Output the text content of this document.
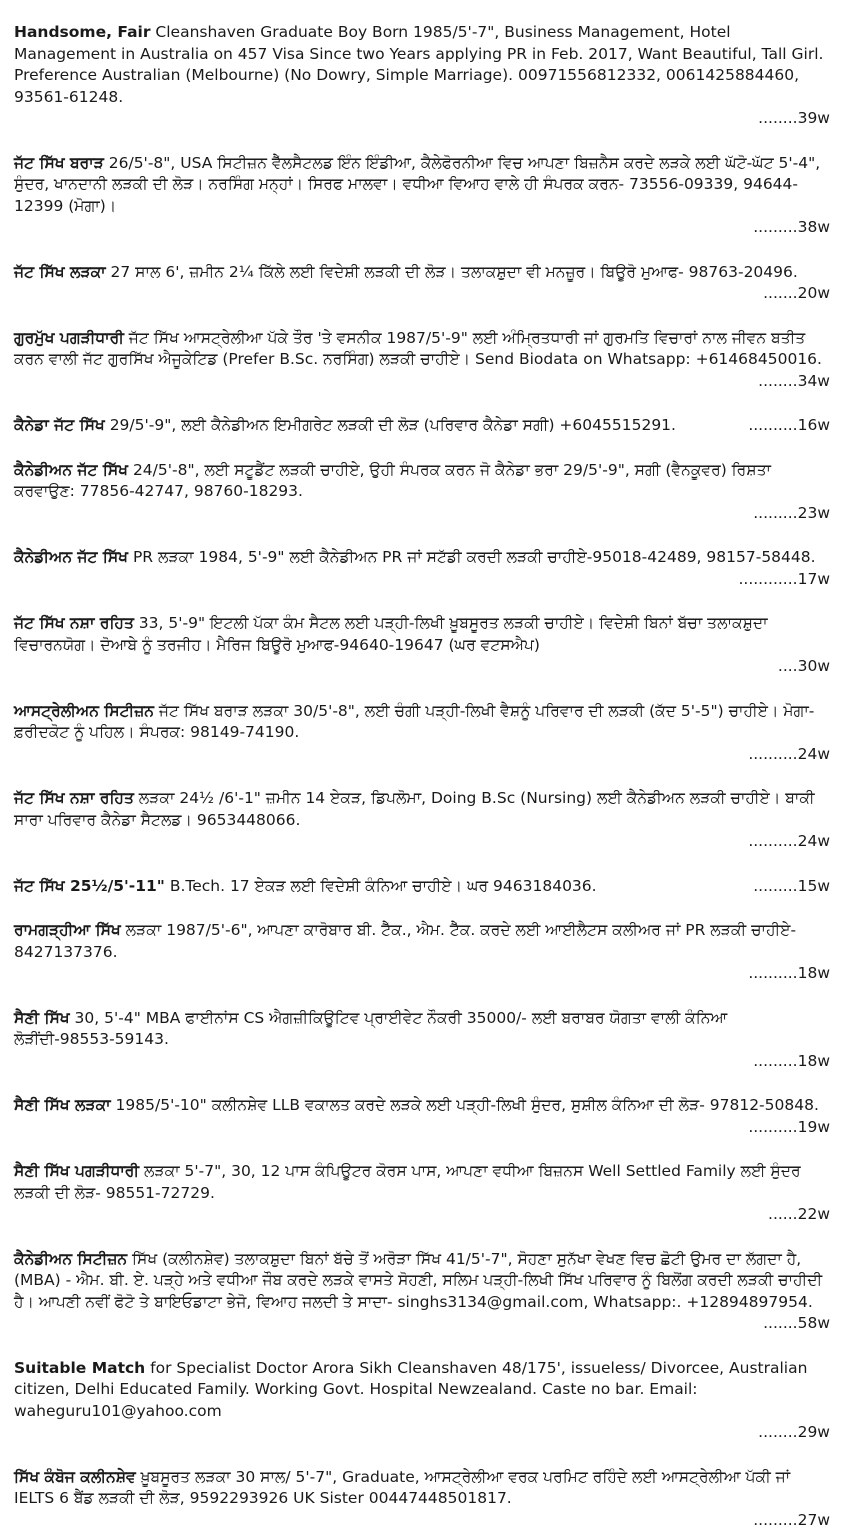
Handsome, Fair Cleanshaven Graduate Boy Born 1985/5'-7", Business Management, Hotel Management in Australia on 457 Visa Since two Years applying PR in Feb. 2017, Want Beautiful, Tall Girl. Preference Australian (Melbourne) (No Dowry, Simple Marriage). 00971556812332, 0061425884460, 93561-61248.
........39w
ਜੱਟ ਸਿੱਖ ਬਰਾੜ 26/5'-8", USA ਸਿਟੀਜ਼ਨ ਵੈੱਲਸੈਟਲਡ ਇੰਨ ਇੰਡੀਆ, ਕੈਲੇਫੋਰਨੀਆ ਵਿਚ ਆਪਣਾ ਬਿਜ਼ਨੈਸ ਕਰਦੇ ਲੜਕੇ ਲਈ ਘੱਟੋ-ਘੱਟ 5'-4", ਸੁੰਦਰ, ਖਾਨਦਾਨੀ ਲੜਕੀ ਦੀ ਲੋੜ। ਨਰਸਿੰਗ ਮਨ੍ਹਾਂ। ਸਿਰਫ ਮਾਲਵਾ। ਵਧੀਆ ਵਿਆਹ ਵਾਲੇ ਹੀ ਸੰਪਰਕ ਕਰਨ- 73556-09339, 94644-12399 (ਮੋਗਾ)।
.........38w
ਜੱਟ ਸਿੱਖ ਲੜਕਾ 27 ਸਾਲ 6', ਜ਼ਮੀਨ 2¼ ਕਿੱਲੇ ਲਈ ਵਿਦੇਸ਼ੀ ਲੜਕੀ ਦੀ ਲੋੜ। ਤਲਾਕਸ਼ੁਦਾ ਵੀ ਮਨਜ਼ੂਰ। ਬਿਊਰੋ ਮੁਆਫ- 98763-20496.
.......20w
ਗੁਰਮੁੱਖ ਪਗੜੀਧਾਰੀ ਜੱਟ ਸਿੱਖ ਆਸਟ੍ਰੇਲੀਆ ਪੱਕੇ ਤੌਰ 'ਤੇ ਵਸਨੀਕ 1987/5'-9" ਲਈ ਅੰਮ੍ਰਿਤਧਾਰੀ ਜਾਂ ਗੁਰਮਤਿ ਵਿਚਾਰਾਂ ਨਾਲ ਜੀਵਨ ਬਤੀਤ ਕਰਨ ਵਾਲੀ ਜੱਟ ਗੁਰਸਿੱਖ ਐਜੂਕੇਟਿਡ (Prefer B.Sc. ਨਰਸਿੰਗ) ਲੜਕੀ ਚਾਹੀਏ। Send Biodata on Whatsapp: +61468450016.
........34w
ਕੈਨੇਡਾ ਜੱਟ ਸਿੱਖ 29/5'-9", ਲਈ ਕੈਨੇਡੀਅਨ ਇਮੀਗਰੇਟ ਲੜਕੀ ਦੀ ਲੋੜ (ਪਰਿਵਾਰ ਕੈਨੇਡਾ ਸਗੀ) +6045515291.	..........16w
ਕੈਨੇਡੀਅਨ ਜੱਟ ਸਿੱਖ 24/5'-8", ਲਈ ਸਟੂਡੈਂਟ ਲੜਕੀ ਚਾਹੀਏ, ਉਹੀ ਸੰਪਰਕ ਕਰਨ ਜੋ ਕੈਨੇਡਾ ਭਰਾ 29/5'-9", ਸਗੀ (ਵੈਨਕੂਵਰ) ਰਿਸ਼ਤਾ ਕਰਵਾਉਣ: 77856-42747, 98760-18293.
.........23w
ਕੈਨੇਡੀਅਨ ਜੱਟ ਸਿੱਖ PR ਲੜਕਾ 1984, 5'-9" ਲਈ ਕੈਨੇਡੀਅਨ PR ਜਾਂ ਸਟੱਡੀ ਕਰਦੀ ਲੜਕੀ ਚਾਹੀਏ-95018-42489, 98157-58448.
............17w
ਜੱਟ ਸਿੱਖ ਨਸ਼ਾ ਰਹਿਤ 33, 5'-9" ਇਟਲੀ ਪੱਕਾ ਕੰਮ ਸੈਟਲ ਲਈ ਪੜ੍ਹੀ-ਲਿਖੀ ਖ਼ੂਬਸੂਰਤ ਲੜਕੀ ਚਾਹੀਏ। ਵਿਦੇਸ਼ੀ ਬਿਨਾਂ ਬੱਚਾ ਤਲਾਕਸ਼ੁਦਾ ਵਿਚਾਰਨਯੋਗ। ਦੋਆਬੇ ਨੂੰ ਤਰਜੀਹ। ਮੈਰਿਜ ਬਿਊਰੋ ਮੁਆਫ-94640-19647 (ਘਰ ਵਟਸਐਪ)
....30w
ਆਸਟ੍ਰੇਲੀਅਨ ਸਿਟੀਜ਼ਨ ਜੱਟ ਸਿੱਖ ਬਰਾੜ ਲੜਕਾ 30/5'-8", ਲਈ ਚੰਗੀ ਪੜ੍ਹੀ-ਲਿਖੀ ਵੈਸ਼ਨੂੰ ਪਰਿਵਾਰ ਦੀ ਲੜਕੀ (ਕੱਦ 5'-5") ਚਾਹੀਏ। ਮੋਗਾ-ਫ਼ਰੀਦਕੋਟ ਨੂੰ ਪਹਿਲ। ਸੰਪਰਕ: 98149-74190.
..........24w
ਜੱਟ ਸਿੱਖ ਨਸ਼ਾ ਰਹਿਤ ਲੜਕਾ 24½ /6'-1" ਜ਼ਮੀਨ 14 ਏਕੜ, ਡਿਪਲੋਮਾ, Doing B.Sc (Nursing) ਲਈ ਕੈਨੇਡੀਅਨ ਲੜਕੀ ਚਾਹੀਏ। ਬਾਕੀ ਸਾਰਾ ਪਰਿਵਾਰ ਕੈਨੇਡਾ ਸੈਟਲਡ। 9653448066.
..........24w
ਜੱਟ ਸਿੱਖ 25½/5'-11" B.Tech. 17 ਏਕੜ ਲਈ ਵਿਦੇਸ਼ੀ ਕੰਨਿਆ ਚਾਹੀਏ। ਘਰ 9463184036.	.........15w
ਰਾਮਗੜ੍ਹੀਆ ਸਿੱਖ ਲੜਕਾ 1987/5'-6", ਆਪਣਾ ਕਾਰੋਬਾਰ ਬੀ. ਟੈੱਕ., ਐਮ. ਟੈੱਕ. ਕਰਦੇ ਲਈ ਆਈਲੈਟਸ ਕਲੀਅਰ ਜਾਂ PR ਲੜਕੀ ਚਾਹੀਏ- 8427137376.
..........18w
ਸੈਣੀ ਸਿੱਖ 30, 5'-4" MBA ਫਾਈਨਾਂਸ CS ਐਗਜ਼ੀਕਿਊਟਿਵ ਪ੍ਰਾਈਵੇਟ ਨੌਕਰੀ 35000/- ਲਈ ਬਰਾਬਰ ਯੋਗਤਾ ਵਾਲੀ ਕੰਨਿਆ ਲੋੜੀਂਦੀ-98553-59143.
.........18w
ਸੈਣੀ ਸਿੱਖ ਲੜਕਾ 1985/5'-10" ਕਲੀਨਸ਼ੇਵ LLB ਵਕਾਲਤ ਕਰਦੇ ਲੜਕੇ ਲਈ ਪੜ੍ਹੀ-ਲਿਖੀ ਸੁੰਦਰ, ਸੁਸ਼ੀਲ ਕੰਨਿਆ ਦੀ ਲੋੜ- 97812-50848.
..........19w
ਸੈਣੀ ਸਿੱਖ ਪਗੜੀਧਾਰੀ ਲੜਕਾ 5'-7", 30, 12 ਪਾਸ ਕੰਪਿਊਟਰ ਕੋਰਸ ਪਾਸ, ਆਪਣਾ ਵਧੀਆ ਬਿਜ਼ਨਸ Well Settled Family ਲਈ ਸੁੰਦਰ ਲੜਕੀ ਦੀ ਲੋੜ- 98551-72729.
......22w
ਕੈਨੇਡੀਅਨ ਸਿਟੀਜ਼ਨ ਸਿੱਖ (ਕਲੀਨਸ਼ੇਵ) ਤਲਾਕਸ਼ੁਦਾ ਬਿਨਾਂ ਬੱਚੇ ਤੋਂ ਅਰੋੜਾ ਸਿੱਖ 41/5'-7", ਸੋਹਣਾ ਸੁਨੱਖਾ ਵੇਖਣ ਵਿਚ ਛੋਟੀ ਉਮਰ ਦਾ ਲੱਗਦਾ ਹੈ, (MBA) - ਐਮ. ਬੀ. ਏ. ਪੜ੍ਹੇ ਅਤੇ ਵਧੀਆ ਜੌਬ ਕਰਦੇ ਲੜਕੇ ਵਾਸਤੇ ਸੋਹਣੀ, ਸਲਿਮ ਪੜ੍ਹੀ-ਲਿਖੀ ਸਿੱਖ ਪਰਿਵਾਰ ਨੂੰ ਬਿਲੋਂਗ ਕਰਦੀ ਲੜਕੀ ਚਾਹੀਦੀ ਹੈ। ਆਪਣੀ ਨਵੀਂ ਫੋਟੋ ਤੇ ਬਾਇਓਡਾਟਾ ਭੇਜੋ, ਵਿਆਹ ਜਲਦੀ ਤੇ ਸਾਦਾ- singhs3134@gmail.com, Whatsapp:. +12894897954.
.......58w
Suitable Match for Specialist Doctor Arora Sikh Cleanshaven 48/175', issueless/ Divorcee, Australian citizen, Delhi Educated Family. Working Govt. Hospital Newzealand. Caste no bar. Email: waheguru101@yahoo.com
........29w
ਸਿੱਖ ਕੰਬੋਜ ਕਲੀਨਸ਼ੇਵ ਖ਼ੂਬਸੂਰਤ ਲੜਕਾ 30 ਸਾਲ/ 5'-7", Graduate, ਆਸਟ੍ਰੇਲੀਆ ਵਰਕ ਪਰਮਿਟ ਰਹਿੰਦੇ ਲਈ ਆਸਟ੍ਰੇਲੀਆ ਪੱਕੀ ਜਾਂ IELTS 6 ਬੈਂਡ ਲੜਕੀ ਦੀ ਲੋੜ, 9592293926 UK Sister 00447448501817.
.........27w
